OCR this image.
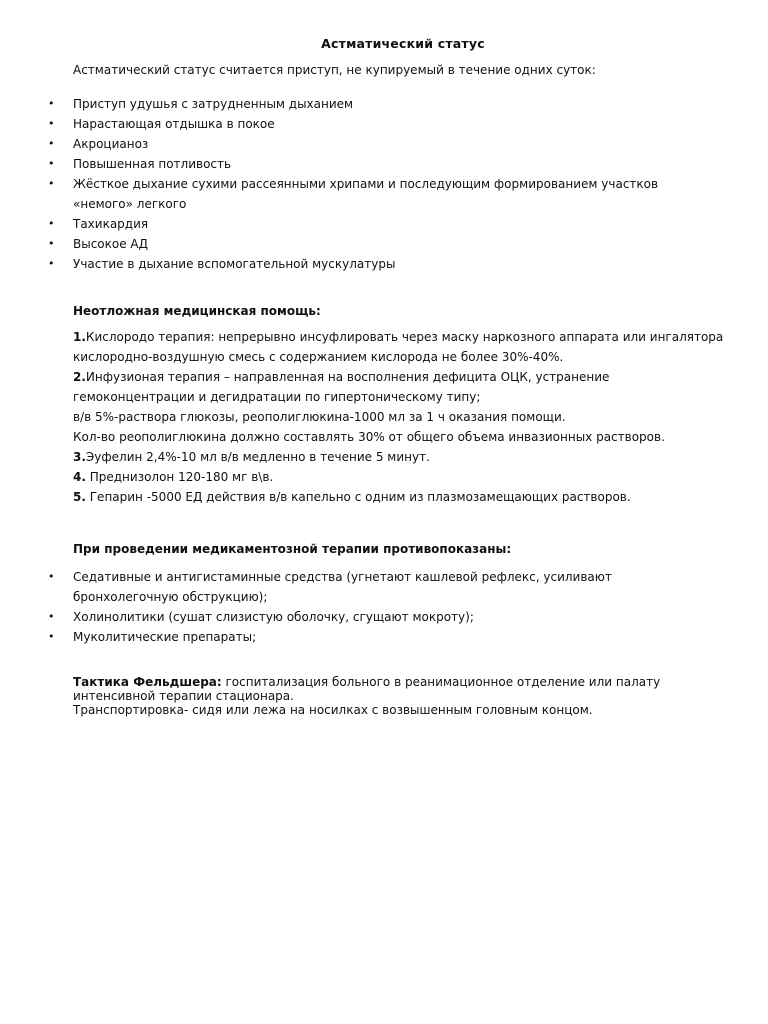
Астматический статус
Астматический статус считается приступ, не купируемый в течение одних суток:
• Приступ удушья с затрудненным дыханием
• Нарастающая отдышка в покое
• Акроцианоз
• Повышенная потливость
• Жёсткое дыхание сухими рассеянными хрипами и последующим формированием участков «немого» легкого
• Тахикардия
• Высокое АД
• Участие в дыхание вспомогательной мускулатуры
Неотложная медицинская помощь:
1.Кислородо терапия: непрерывно инсуфлировать через маску наркозного аппарата или ингалятора кислородно-воздушную смесь с содержанием кислорода не более 30%-40%.
2.Инфузионая терапия – направленная на восполнения дефицита ОЦК, устранение гемоконцентрации и дегидратации по гипертоническому типу;
в/в 5%-раствора глюкозы, реополиглюкина-1000 мл за 1 ч оказания помощи.
Кол-во реополиглюкина должно составлять 30% от общего объема инвазионных растворов.
3.Эуфелин 2,4%-10 мл в/в медленно в течение 5 минут.
4. Преднизолон 120-180 мг в\в.
5. Гепарин -5000 ЕД действия в/в капельно с одним из плазмозамещающих растворов.
При проведении медикаментозной терапии противопоказаны:
• Седативные и антигистаминные средства (угнетают кашлевой рефлекс, усиливают бронхолегочную обструкцию);
• Холинолитики (сушат слизистую оболочку, сгущают мокроту);
• Муколитические препараты;
Тактика Фельдшера: госпитализация больного в реанимационное отделение или палату интенсивной терапии стационара.
Транспортировка- сидя или лежа на носилках с возвышенным головным концом.
